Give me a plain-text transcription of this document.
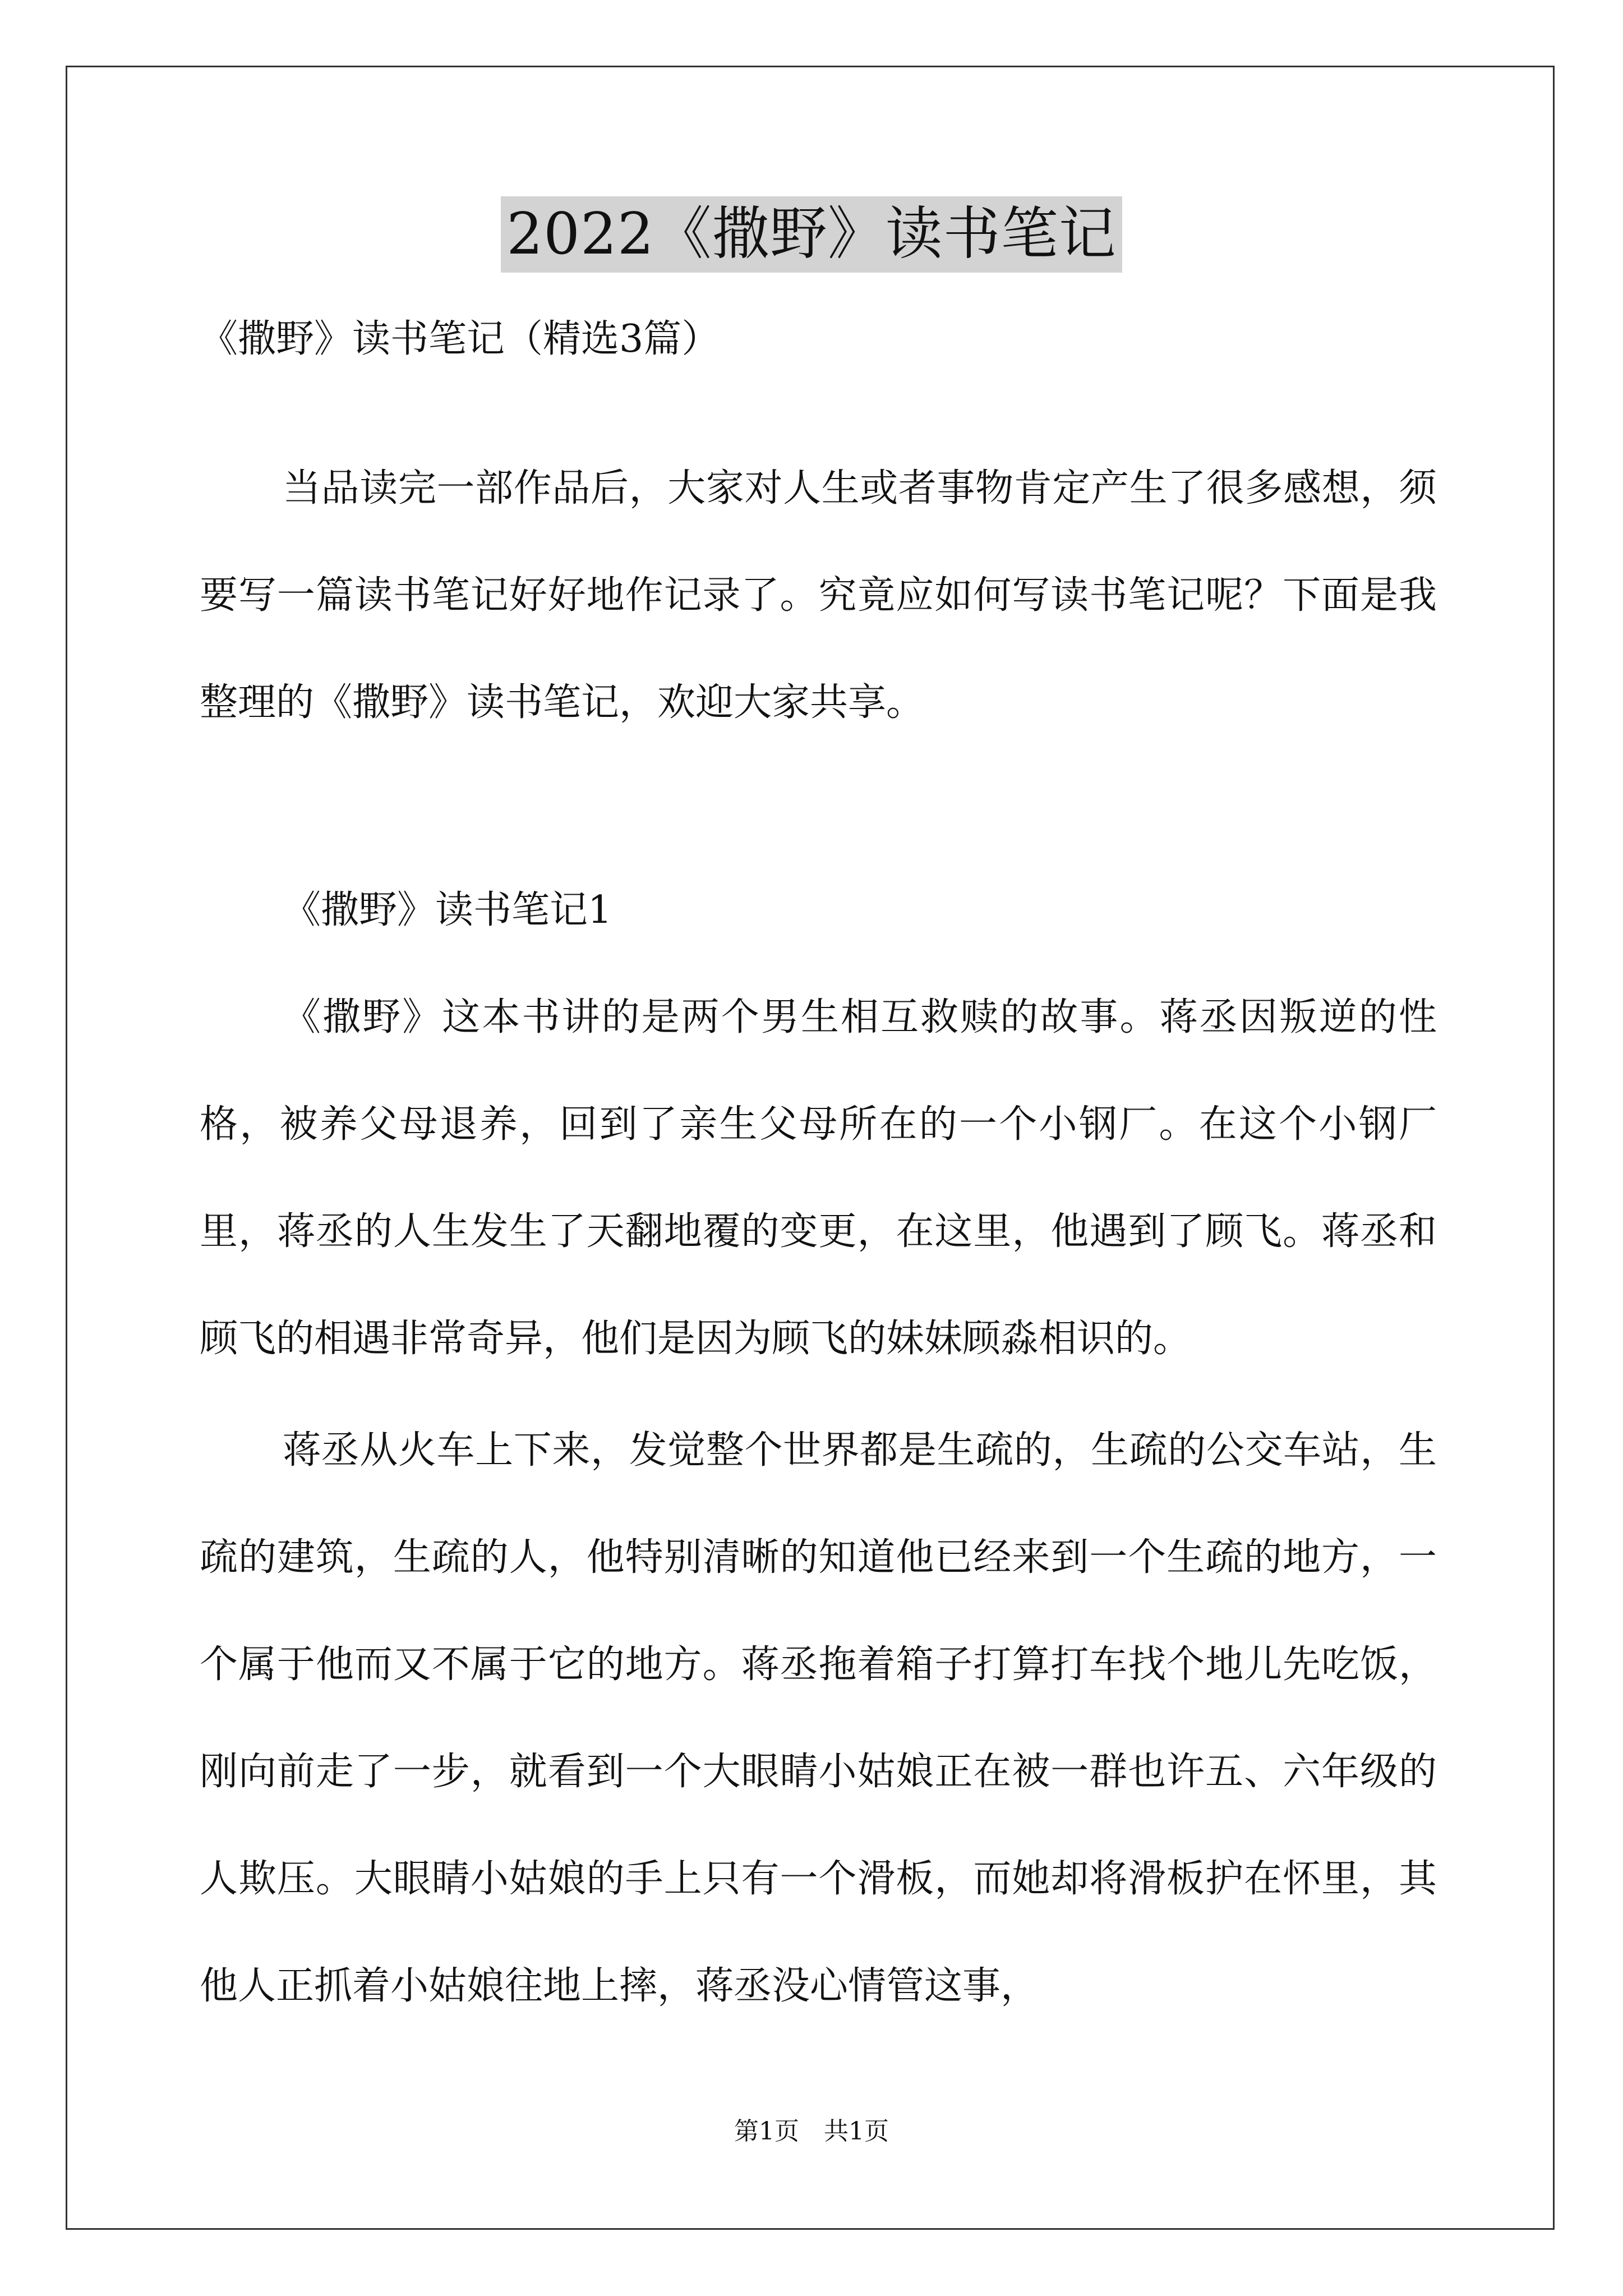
2022《撒野》读书笔记
《撒野》读书笔记（精选3篇）
当品读完一部作品后，大家对人生或者事物肯定产生了很多感想，须要写一篇读书笔记好好地作记录了。究竟应如何写读书笔记呢？下面是我整理的《撒野》读书笔记，欢迎大家共享。
《撒野》读书笔记1
《撒野》这本书讲的是两个男生相互救赎的故事。蒋丞因叛逆的性格，被养父母退养，回到了亲生父母所在的一个小钢厂。在这个小钢厂里，蒋丞的人生发生了天翻地覆的变更，在这里，他遇到了顾飞。蒋丞和顾飞的相遇非常奇异，他们是因为顾飞的妹妹顾淼相识的。
蒋丞从火车上下来，发觉整个世界都是生疏的，生疏的公交车站，生疏的建筑，生疏的人，他特别清晰的知道他已经来到一个生疏的地方，一个属于他而又不属于它的地方。蒋丞拖着箱子打算打车找个地儿先吃饭，刚向前走了一步，就看到一个大眼睛小姑娘正在被一群也许五、六年级的人欺压。大眼睛小姑娘的手上只有一个滑板，而她却将滑板护在怀里，其他人正抓着小姑娘往地上摔，蒋丞没心情管这事，
第1页　共1页
